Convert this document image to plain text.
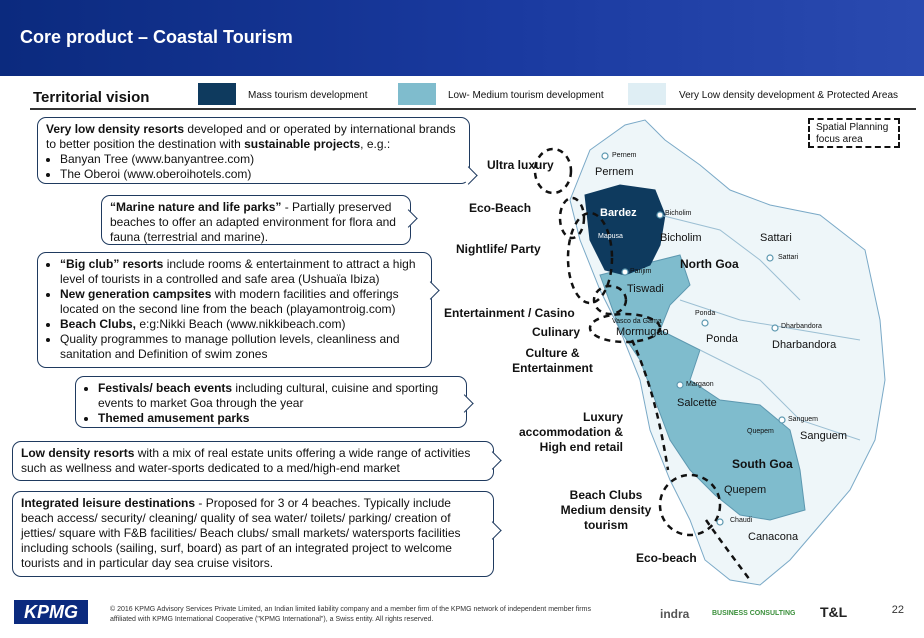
Core product – Coastal Tourism
Territorial vision	Mass tourism development	Low- Medium tourism development	Very Low density development & Protected Areas
Ultra luxury
Eco-Beach
Nightlife/ Party
Entertainment / Casino
Culinary
Culture & Entertainment
Luxury accommodation & High end retail
Beach Clubs Medium density tourism
Eco-beach
Pernem
Pernem
Bardez
Mapusa
Bicholim
Bicholim	Sattari
Sattari
North Goa
Panjim
Tiswadi
Ponda
Ponda
Dharbandora
Dharbandora
Vasco da Gama
Mormugao
Margaon
Salcette
Sanguem
Quepem Sanguem
South Goa
Quepem
Chaudi
Canacona
Spatial Planning focus area
Very low density resorts developed and or operated by international brands to better position the destination with sustainable projects, e.g.:
• Banyan Tree (www.banyantree.com)
• The Oberoi (www.oberoihotels.com)
“Marine nature and life parks” - Partially preserved beaches to offer an adapted environment for flora and fauna (terrestrial and marine).
• “Big club” resorts include rooms & entertainment to attract a high level of tourists in a controlled and safe area (Ushuaïa Ibiza)
• New generation campsites with modern facilities and offerings located on the second line from the beach (playamontroig.com)
• Beach Clubs, e:g:Nikki Beach (www.nikkibeach.com)
• Quality programmes to manage pollution levels, cleanliness and sanitation and Definition of swim zones
• Festivals/ beach events including cultural, cuisine and sporting events to market Goa through the year
• Themed amusement parks
Low density resorts with a mix of real estate units offering a wide range of activities such as wellness and water-sports dedicated to a med/high-end market
Integrated leisure destinations - Proposed for 3 or 4 beaches. Typically include beach access/ security/ cleaning/ quality of sea water/ toilets/ parking/ creation of jetties/ square with F&B facilities/ Beach clubs/ small markets/ watersports facilities including schools (sailing, surf, board) as part of an integrated project to welcome tourists and in particular day sea cruise visitors.
KPMG	© 2016 KPMG Advisory Services Private Limited, an Indian limited liability company and a member firm of the KPMG network of independent member firms affiliated with KPMG International Cooperative ("KPMG International"), a Swiss entity. All rights reserved.	indra	BUSINESS CONSULTING T&L	22
